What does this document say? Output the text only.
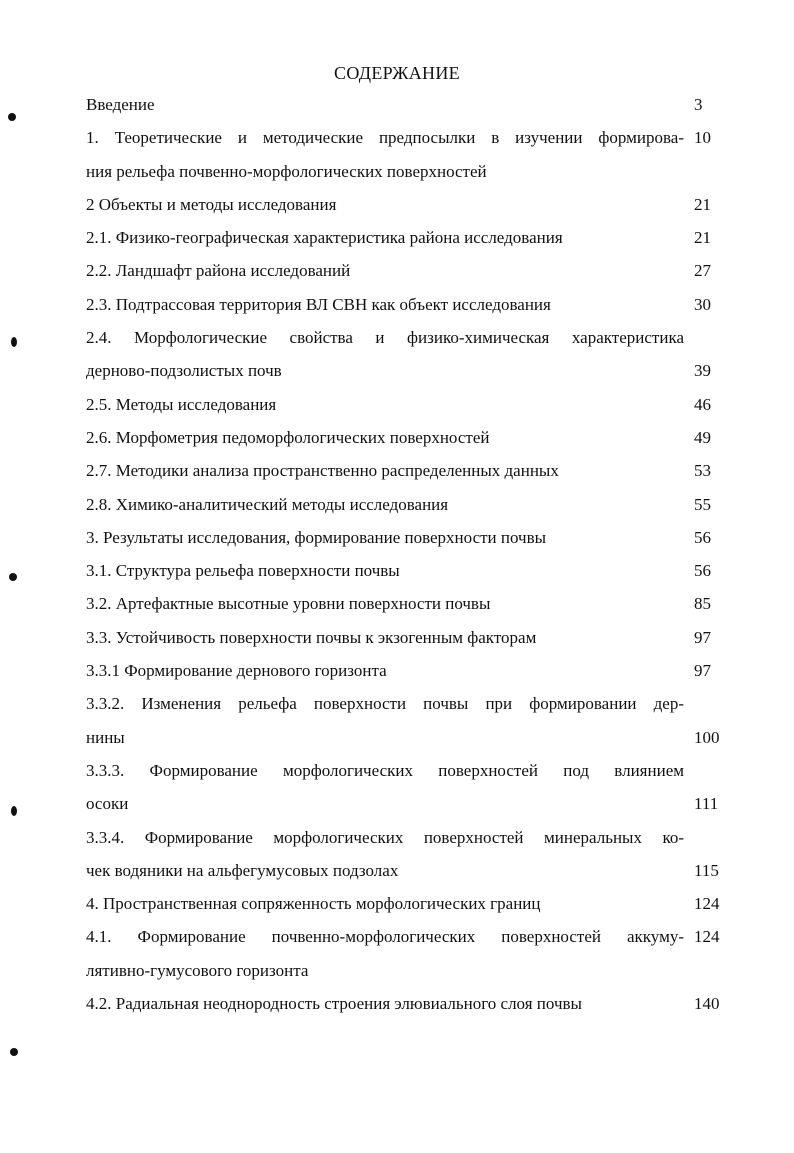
СОДЕРЖАНИЕ
Введение	3
1. Теоретические и методические предпосылки в изучении формирова- 10
ния рельефа почвенно-морфологических поверхностей
2 Объекты и методы исследования	21
2.1. Физико-географическая характеристика района исследования	21
2.2. Ландшафт района исследований	27
2.3. Подтрассовая территория ВЛ СВН как объект исследования	30
2.4. Морфологические свойства и физико-химическая характеристика
дерново-подзолистых почв	39
2.5. Методы исследования	46
2.6. Морфометрия педоморфологических поверхностей	49
2.7. Методики анализа пространственно распределенных данных	53
2.8. Химико-аналитический методы исследования	55
3. Результаты исследования, формирование поверхности почвы	56
3.1. Структура рельефа поверхности почвы	56
3.2. Артефактные высотные уровни поверхности почвы	85
3.3. Устойчивость поверхности почвы к экзогенным факторам	97
3.3.1 Формирование дернового горизонта	97
3.3.2. Изменения рельефа поверхности почвы при формировании дер-
нины	100
3.3.3. Формирование морфологических поверхностей под влиянием
осоки	111
3.3.4. Формирование морфологических поверхностей минеральных ко-
чек водяники на альфегумусовых подзолах	115
4. Пространственная сопряженность морфологических границ	124
4.1. Формирование почвенно-морфологических поверхностей аккуму- 124
лятивно-гумусового горизонта
4.2. Радиальная неоднородность строения элювиального слоя почвы	140
